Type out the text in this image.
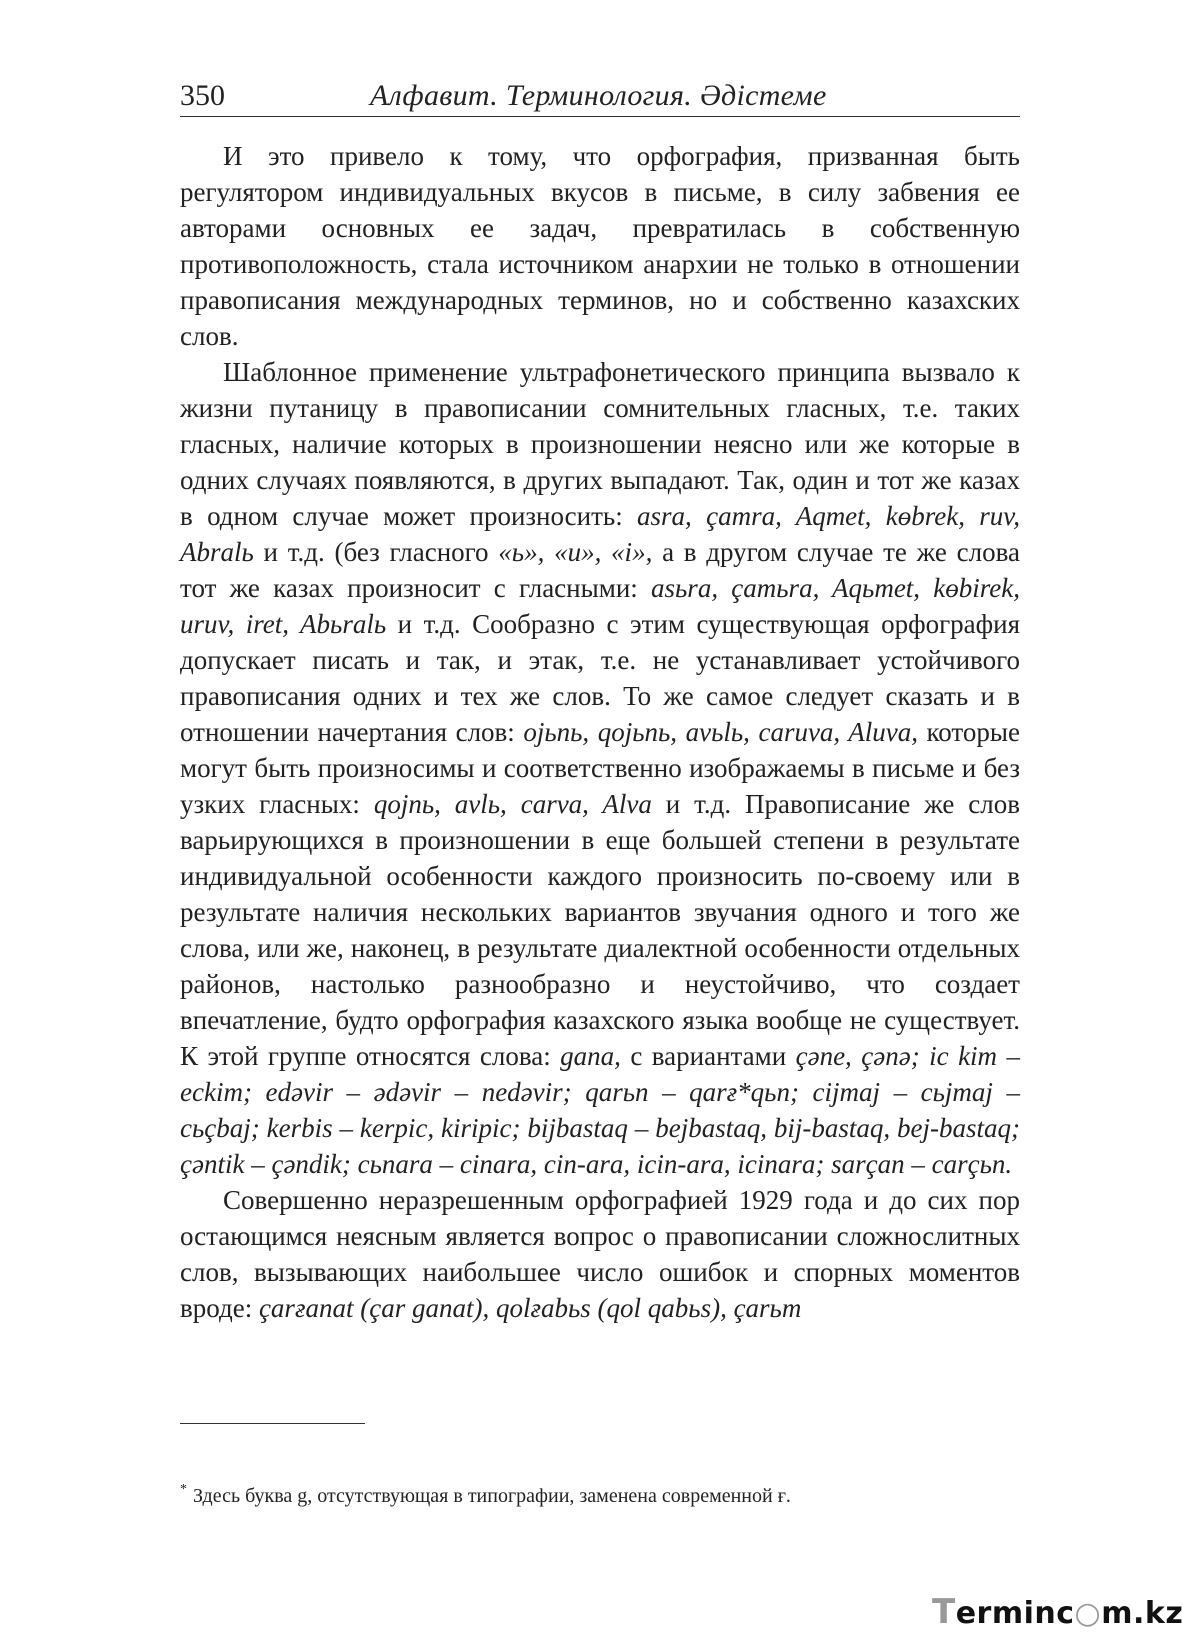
350	Алфавит. Терминология. Әдістеме

И это привело к тому, что орфография, призванная быть регулятором индивидуальных вкусов в письме, в силу забвения ее авторами основных ее задач, превратилась в собственную противоположность, стала источником анархии не только в отношении правописания международных терминов, но и собственно казахских слов.

Шаблонное применение ультрафонетического принципа вызвало к жизни путаницу в правописании сомнительных гласных, т.е. таких гласных, наличие которых в произношении неясно или же которые в одних случаях появляются, в других выпадают. Так, один и тот же казах в одном случае может произносить: asra, çamra, Aqmet, kөbrek, ruv, Abralь и т.д. (без гласного «ь», «и», «i», а в другом случае те же слова тот же казах произносит с гласными: asьra, çamьra, Aqьmet, kөbirek, uruv, iret, Abьralь и т.д. Сообразно с этим существующая орфография допускает писать и так, и этак, т.е. не устанавливает устойчивого правописания одних и тех же слов. То же самое следует сказать и в отношении начертания слов: ojьnь, qojьnь, avьlь, caruva, Aluva, которые могут быть произносимы и соответственно изображаемы в письме и без узких гласных: qojnь, avlь, carva, Alva и т.д. Правописание же слов варьирующихся в произношении в еще большей степени в результате индивидуальной особенности каждого произносить по-своему или в результате наличия нескольких вариантов звучания одного и того же слова, или же, наконец, в результате диалектной особенности отдельных районов, настолько разнообразно и неустойчиво, что создает впечатление, будто орфография казахского языка вообще не существует. К этой группе относятся слова: gana, с вариантами çәne, çәnә; ic kim – eckim; edәvir – әdәvir – nedәvir; qarьn – qarғ*qьn; cijmaj – cьjmaj – cьçbaj; kerbis – kerpic, kiripic; bijbastaq – bejbastaq, bij-bastaq, bej-bastaq; çәntik – çәndik; cьnara – cinara, cin-ara, icin-ara, icinara; sarçan – carçьn.

Совершенно неразрешенным орфографией 1929 года и до сих пор остающимся неясным является вопрос о правописании сложнослитных слов, вызывающих наибольшее число ошибок и спорных моментов вроде: çarғanat (çar ganat), qolғabьs (qol qabьs), çarьm

* Здесь буква g, отсутствующая в типографии, заменена современной ғ.
Terminc○m.kz
